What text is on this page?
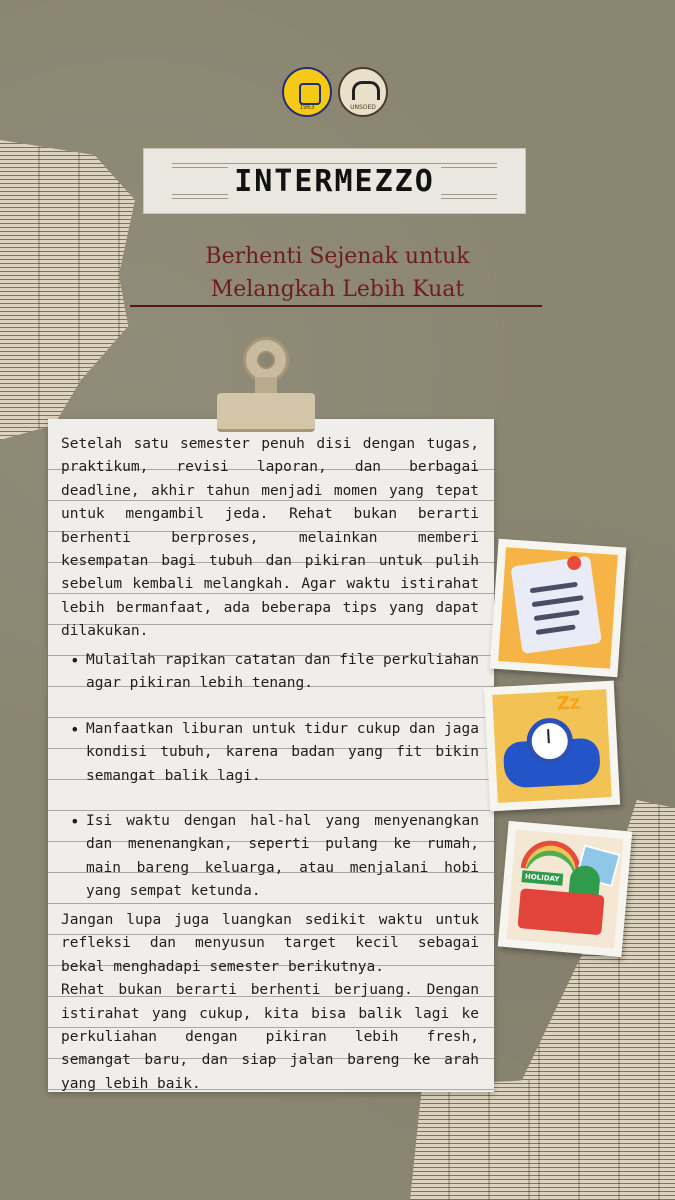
1963	UNSOED
INTERMEZZO
Berhenti Sejenak untuk
Melangkah Lebih Kuat
Setelah satu semester penuh disi dengan tugas, praktikum, revisi laporan, dan berbagai deadline, akhir tahun menjadi momen yang tepat untuk mengambil jeda. Rehat bukan berarti berhenti berproses, melainkan memberi kesempatan bagi tubuh dan pikiran untuk pulih sebelum kembali melangkah. Agar waktu istirahat lebih bermanfaat, ada beberapa tips yang dapat dilakukan.
• Mulailah rapikan catatan dan file perkuliahan agar pikiran lebih tenang.
• Manfaatkan liburan untuk tidur cukup dan jaga kondisi tubuh, karena badan yang fit bikin semangat balik lagi.
• Isi waktu dengan hal-hal yang menyenangkan dan menenangkan, seperti pulang ke rumah, main bareng keluarga, atau menjalani hobi yang sempat ketunda.

Jangan lupa juga luangkan sedikit waktu untuk refleksi dan menyusun target kecil sebagai bekal menghadapi semester berikutnya.

Rehat bukan berarti berhenti berjuang. Dengan istirahat yang cukup, kita bisa balik lagi ke perkuliahan dengan pikiran lebih fresh, semangat baru, dan siap jalan bareng ke arah yang lebih baik.

ZZ
HOLIDAY
